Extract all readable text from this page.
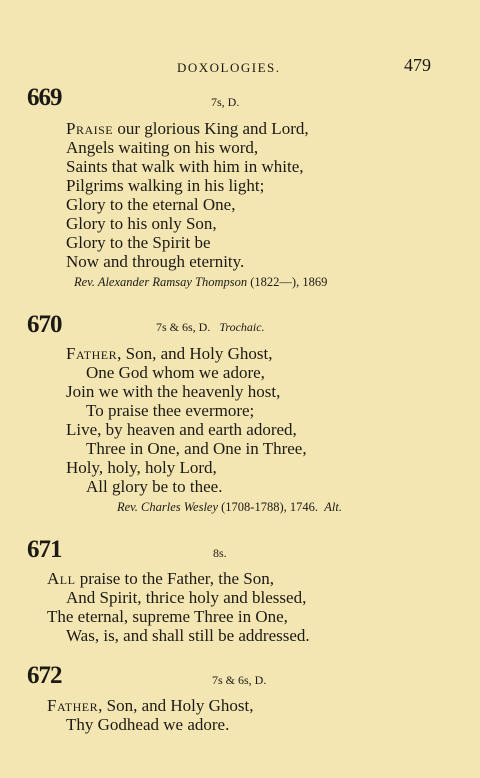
DOXOLOGIES.	479
669	7s, D.
Praise our glorious King and Lord,
Angels waiting on his word,
Saints that walk with him in white,
Pilgrims walking in his light;
Glory to the eternal One,
Glory to his only Son,
Glory to the Spirit be
Now and through eternity.
Rev. Alexander Ramsay Thompson (1822—), 1869
670	7s & 6s, D. Trochaic.
Father, Son, and Holy Ghost,
One God whom we adore,
Join we with the heavenly host,
To praise thee evermore;
Live, by heaven and earth adored,
Three in One, and One in Three,
Holy, holy, holy Lord,
All glory be to thee.
Rev. Charles Wesley (1708-1788), 1746. Alt.
671	8s.
All praise to the Father, the Son,
And Spirit, thrice holy and blessed,
The eternal, supreme Three in One,
Was, is, and shall still be addressed.
672	7s & 6s, D.
Father, Son, and Holy Ghost,
Thy Godhead we adore.
